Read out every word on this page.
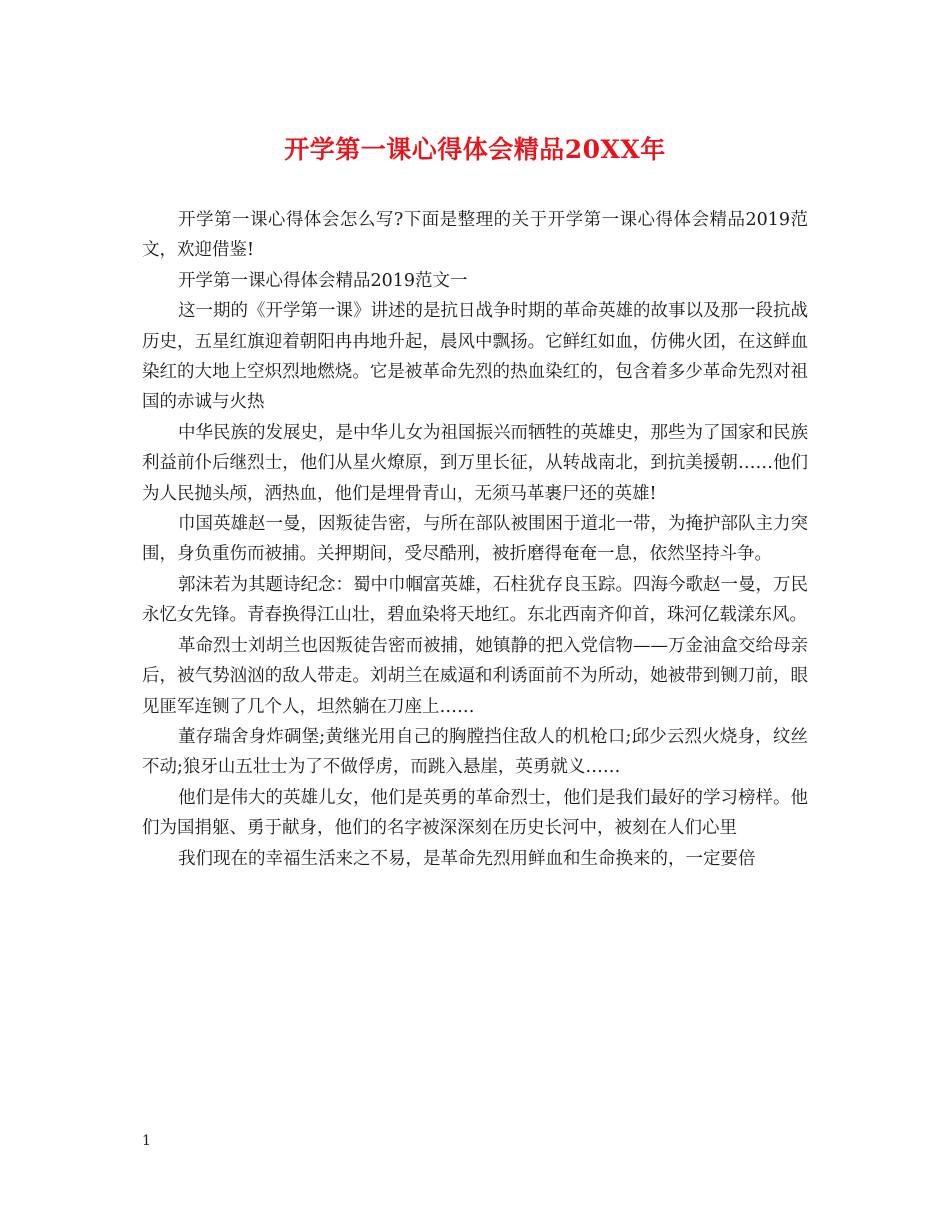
开学第一课心得体会精品20XX年

开学第一课心得体会怎么写?下面是整理的关于开学第一课心得体会精品2019范文，欢迎借鉴!

开学第一课心得体会精品2019范文一

这一期的《开学第一课》讲述的是抗日战争时期的革命英雄的故事以及那一段抗战历史，五星红旗迎着朝阳冉冉地升起，晨风中飘扬。它鲜红如血，仿佛火团，在这鲜血染红的大地上空炽烈地燃烧。它是被革命先烈的热血染红的，包含着多少革命先烈对祖国的赤诚与火热

中华民族的发展史，是中华儿女为祖国振兴而牺牲的英雄史，那些为了国家和民族利益前仆后继烈士，他们从星火燎原，到万里长征，从转战南北，到抗美援朝……他们为人民抛头颅，洒热血，他们是埋骨青山，无须马革裹尸还的英雄!

巾国英雄赵一曼，因叛徒告密，与所在部队被围困于道北一带，为掩护部队主力突围，身负重伤而被捕。关押期间，受尽酷刑，被折磨得奄奄一息，依然坚持斗争。

郭沫若为其题诗纪念：蜀中巾帼富英雄，石柱犹存良玉踪。四海今歌赵一曼，万民永忆女先锋。青春换得江山壮，碧血染将天地红。东北西南齐仰首，珠河亿载漾东风。

革命烈士刘胡兰也因叛徒告密而被捕，她镇静的把入党信物——万金油盒交给母亲后，被气势汹汹的敌人带走。刘胡兰在威逼和利诱面前不为所动，她被带到铡刀前，眼见匪军连铡了几个人，坦然躺在刀座上……

董存瑞舍身炸碉堡;黄继光用自己的胸膛挡住敌人的机枪口;邱少云烈火烧身，纹丝不动;狼牙山五壮士为了不做俘虏，而跳入悬崖，英勇就义……

他们是伟大的英雄儿女，他们是英勇的革命烈士，他们是我们最好的学习榜样。他们为国捐躯、勇于献身，他们的名字被深深刻在历史长河中，被刻在人们心里

我们现在的幸福生活来之不易，是革命先烈用鲜血和生命换来的，一定要倍

1
